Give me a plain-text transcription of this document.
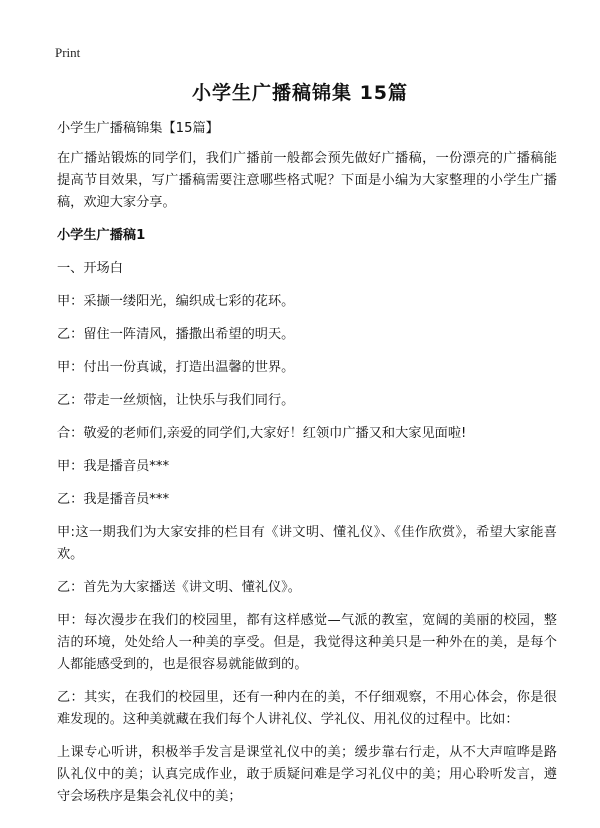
Print
小学生广播稿锦集 15篇

小学生广播稿锦集【15篇】

在广播站锻炼的同学们，我们广播前一般都会预先做好广播稿，一份漂亮的广播稿能提高节目效果，写广播稿需要注意哪些格式呢？下面是小编为大家整理的小学生广播稿，欢迎大家分享。

小学生广播稿1

一、开场白

甲：采撷一缕阳光，编织成七彩的花环。

乙：留住一阵清风，播撒出希望的明天。

甲：付出一份真诚，打造出温馨的世界。

乙：带走一丝烦恼，让快乐与我们同行。

合：敬爱的老师们,亲爱的同学们,大家好！红领巾广播又和大家见面啦!

甲：我是播音员***

乙：我是播音员***

甲:这一期我们为大家安排的栏目有《讲文明、懂礼仪》、《佳作欣赏》，希望大家能喜欢。

乙：首先为大家播送《讲文明、懂礼仪》。

甲：每次漫步在我们的校园里，都有这样感觉—气派的教室，宽阔的美丽的校园，整洁的环境，处处给人一种美的享受。但是，我觉得这种美只是一种外在的美，是每个人都能感受到的，也是很容易就能做到的。

乙：其实，在我们的校园里，还有一种内在的美，不仔细观察，不用心体会，你是很难发现的。这种美就藏在我们每个人讲礼仪、学礼仪、用礼仪的过程中。比如：

上课专心听讲，积极举手发言是课堂礼仪中的美；缓步靠右行走，从不大声喧哗是路队礼仪中的美；认真完成作业，敢于质疑问难是学习礼仪中的美；用心聆听发言，遵守会场秩序是集会礼仪中的美；
